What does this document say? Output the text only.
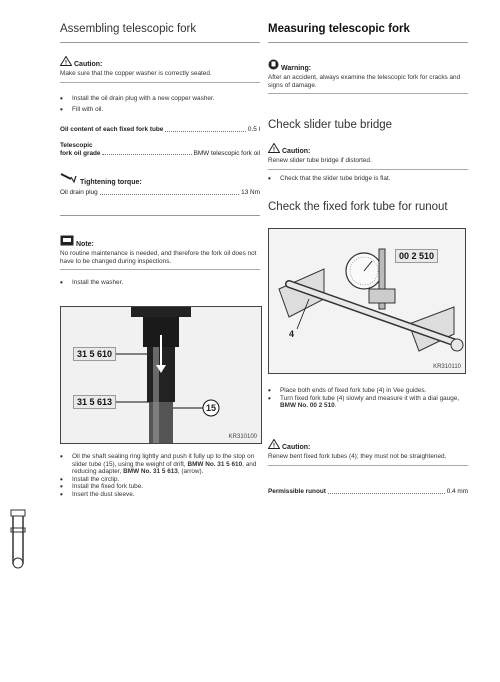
Assembling telescopic fork
! Caution:
Make sure that the copper washer is correctly seated.
•	Install the oil drain plug with a new copper washer.
•	Fill with oil.
Oil content of each fixed fork tube	0.5 l
Telescopic
fork oil grade	BMW telescopic fork oil
Tightening torque:
Oil drain plug	13 Nm
Note:
No routine maintenance is needed, and therefore the fork oil does not have to be changed during inspections.
•	Install the washer.
31 5 610
31 5 613
15
KR310100
•	Oil the shaft sealing ring lightly and push it fully up to the stop on slider tube (15), using the weight of drift, BMW No. 31 5 610, and reducing adapter, BMW No. 31 5 613, (arrow).
•	Install the circlip.
•	Install the fixed fork tube.
•	Insert the dust sleeve.
Measuring telescopic fork
Warning:
After an accident, always examine the telescopic fork for cracks and signs of damage.
Check slider tube bridge
! Caution:
Renew slider tube bridge if distorted.
•	Check that the slider tube bridge is flat.
Check the fixed fork tube for runout
00 2 510
4
KR310110
•	Place both ends of fixed fork tube (4) in Vee guides.
•	Turn fixed fork tube (4) slowly and measure it with a dial gauge, BMW No. 00 2 510.
! Caution:
Renew bent fixed fork tubes (4); they must not be straightened.
Permissible runout	0.4 mm
